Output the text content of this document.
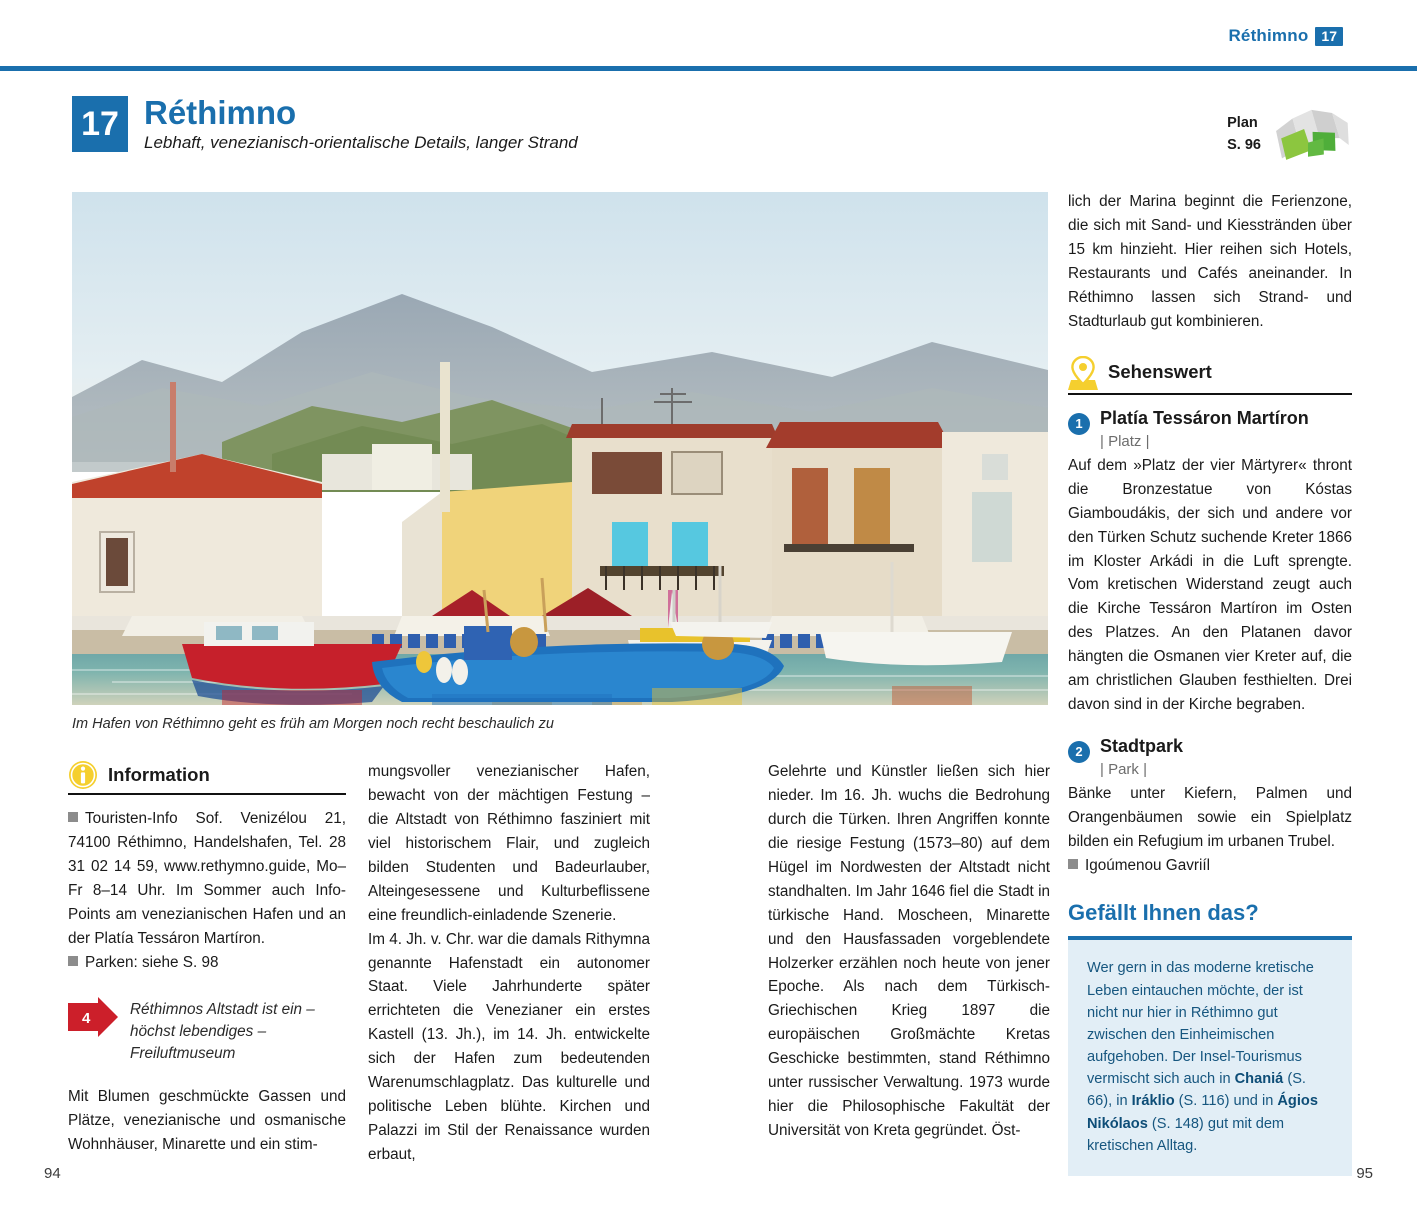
Réthimno 17
17 Réthimno
Lebhaft, venezianisch-orientalische Details, langer Strand
Plan
S. 96
Im Hafen von Réthimno geht es früh am Morgen noch recht beschaulich zu
Information

Touristen-Info Sof. Venizélou 21, 74100 Réthimno, Handelshafen, Tel. 28 31 02 14 59, www.rethymno.guide, Mo–Fr 8–14 Uhr. Im Sommer auch Info-Points am venezianischen Hafen und an der Platía Tessáron Martíron.

Parken: siehe S. 98

4
Réthimnos Altstadt ist ein – höchst lebendiges – Freiluftmuseum

Mit Blumen geschmückte Gassen und Plätze, venezianische und osmanische Wohnhäuser, Minarette und ein stim-

mungsvoller venezianischer Hafen, bewacht von der mächtigen Festung – die Altstadt von Réthimno fasziniert mit viel historischem Flair, und zugleich bilden Studenten und Badeurlauber, Alteingesessene und Kulturbeflissene eine freundlich-einladende Szenerie.

Im 4. Jh. v. Chr. war die damals Rithymna genannte Hafenstadt ein autonomer Staat. Viele Jahrhunderte später errichteten die Venezianer ein erstes Kastell (13. Jh.), im 14. Jh. entwickelte sich der Hafen zum bedeutenden Warenumschlagplatz. Das kulturelle und politische Leben blühte. Kirchen und Palazzi im Stil der Renaissance wurden erbaut,

Gelehrte und Künstler ließen sich hier nieder. Im 16. Jh. wuchs die Bedrohung durch die Türken. Ihren Angriffen konnte die riesige Festung (1573–80) auf dem Hügel im Nordwesten der Altstadt nicht standhalten. Im Jahr 1646 fiel die Stadt in türkische Hand. Moscheen, Minarette und den Hausfassaden vorgeblendete Holzerker erzählen noch heute von jener Epoche. Als nach dem Türkisch-Griechischen Krieg 1897 die europäischen Großmächte Kretas Geschicke bestimmten, stand Réthimno unter russischer Verwaltung. 1973 wurde hier die Philosophische Fakultät der Universität von Kreta gegründet. Öst-

lich der Marina beginnt die Ferienzone, die sich mit Sand- und Kiesstränden über 15 km hinzieht. Hier reihen sich Hotels, Restaurants und Cafés aneinander. In Réthimno lassen sich Strand- und Stadturlaub gut kombinieren.

Sehenswert
1 Platía Tessáron Martíron
| Platz |

Auf dem »Platz der vier Märtyrer« thront die Bronzestatue von Kóstas Giamboudákis, der sich und andere vor den Türken Schutz suchende Kreter 1866 im Kloster Arkádi in die Luft sprengte. Vom kretischen Widerstand zeugt auch die Kirche Tessáron Martíron im Osten des Platzes. An den Platanen davor hängten die Osmanen vier Kreter auf, die am christlichen Glauben festhielten. Drei davon sind in der Kirche begraben.

2 Stadtpark
| Park |

Bänke unter Kiefern, Palmen und Orangenbäumen sowie ein Spielplatz bilden ein Refugium im urbanen Trubel.

Igoúmenou Gavriíl

Gefällt Ihnen das?
Wer gern in das moderne kretische Leben eintauchen möchte, der ist nicht nur hier in Réthimno gut zwischen den Einheimischen aufgehoben. Der Insel-Tourismus vermischt sich auch in Chaniá (S. 66), in Iráklio (S. 116) und in Ágios Nikólaos (S. 148) gut mit dem kretischen Alltag.
94	95
